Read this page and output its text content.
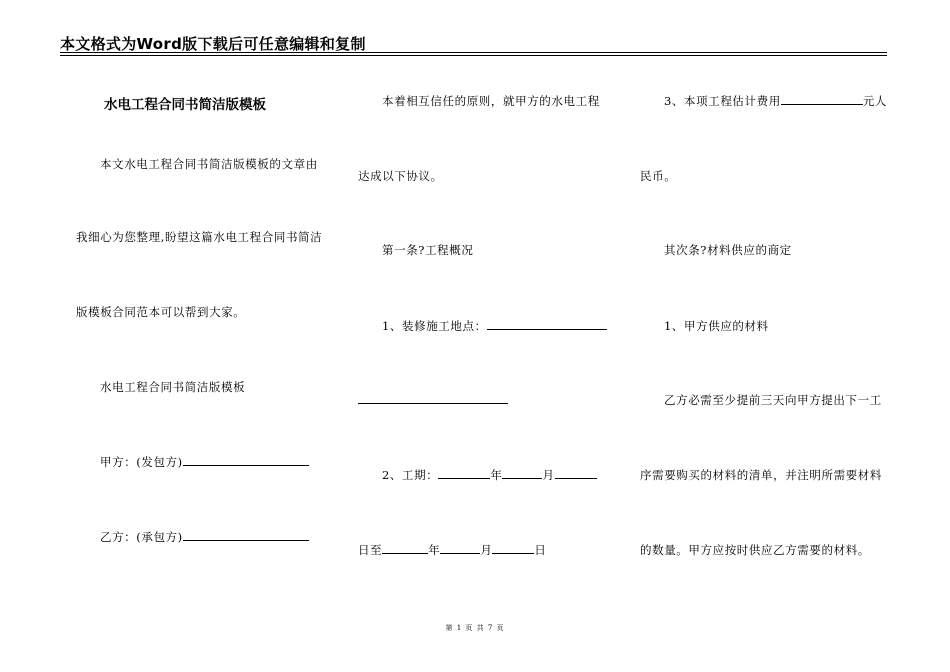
本文格式为Word版下载后可任意编辑和复制
水电工程合同书简洁版模板
本文水电工程合同书简洁版模板的文章由
我细心为您整理,盼望这篇水电工程合同书简洁
版模板合同范本可以帮到大家。
水电工程合同书简洁版模板
甲方：(发包方)
乙方：(承包方)
本着相互信任的原则，就甲方的水电工程
达成以下协议。
第一条?工程概况
1、装修施工地点：
2、工期：	年	月
日至	年	月	日
3、本项工程估计费用	元人
民币。
其次条?材料供应的商定
1、甲方供应的材料
乙方必需至少提前三天向甲方提出下一工
序需要购买的材料的清单，并注明所需要材料
的数量。甲方应按时供应乙方需要的材料。
第 1 页 共 7 页
